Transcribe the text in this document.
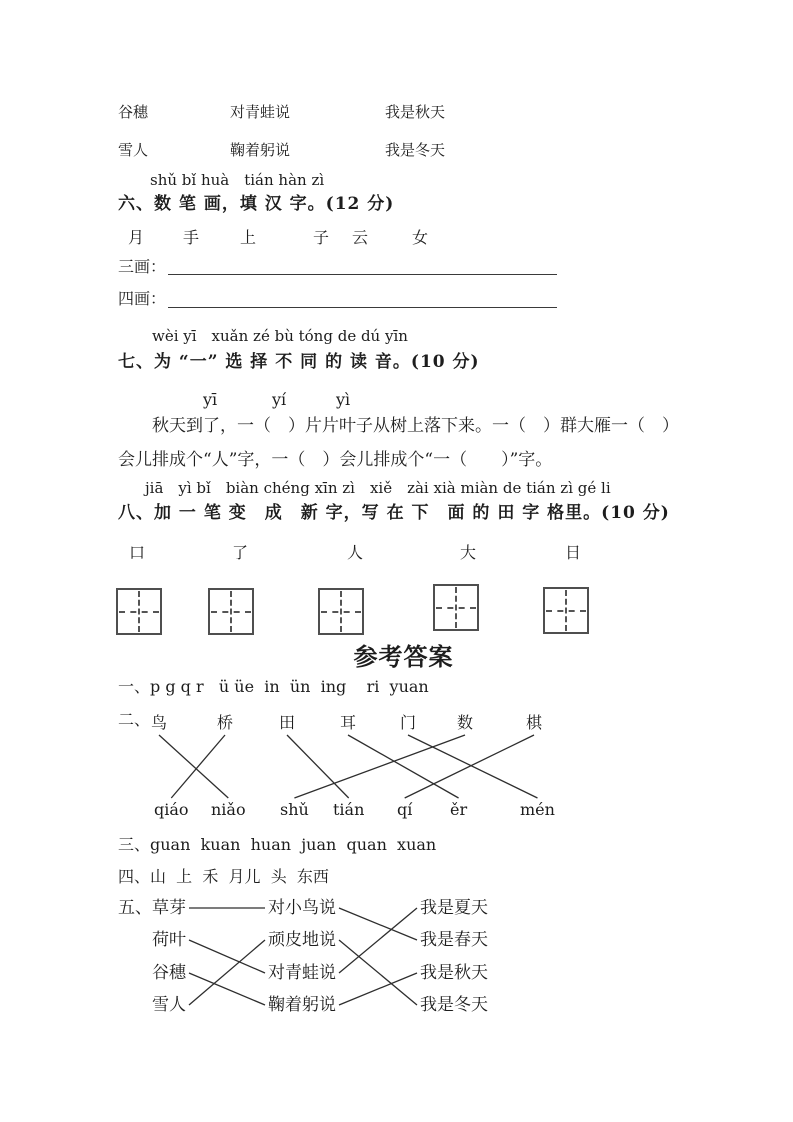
谷穗	对青蛙说	我是秋天
雪人	鞠着躬说	我是冬天
shǔ bǐ huà　tián hàn zì
六、数 笔 画，填 汉 字。(12 分)
月 手	上	子 云	女
三画：
四画：
wèi yī　xuǎn zé bù tóng de dú yīn
七、为 “一” 选 择 不 同 的 读 音。(10 分)
yī	yí	yì
秋天到了，一（　）片片叶子从树上落下来。一（　）群大雁一（　）
会儿排成个“人”字，一（　）会儿排成个“一（　　）”字。
jiā　yì bǐ　biàn chéng xīn zì　xiě　zài xià miàn de tián zì gé li
八、加 一 笔 变　成　新 字，写 在 下　面 的 田 字 格里。(10 分)
口	了	人	大	日
参考答案
一、p g q r   ü üe  in  ün  ing    ri  yuan
二、 鸟	桥	田	耳	门	数	棋
qiáo niǎo shǔ tián qí ěr	mén
三、guan  kuan  huan  juan  quan  xuan
四、山  上  禾  月儿  头  东西
五、 草芽
荷叶
谷穗
雪人
对小鸟说
顽皮地说
对青蛙说
鞠着躬说
我是夏天
我是春天
我是秋天
我是冬天
